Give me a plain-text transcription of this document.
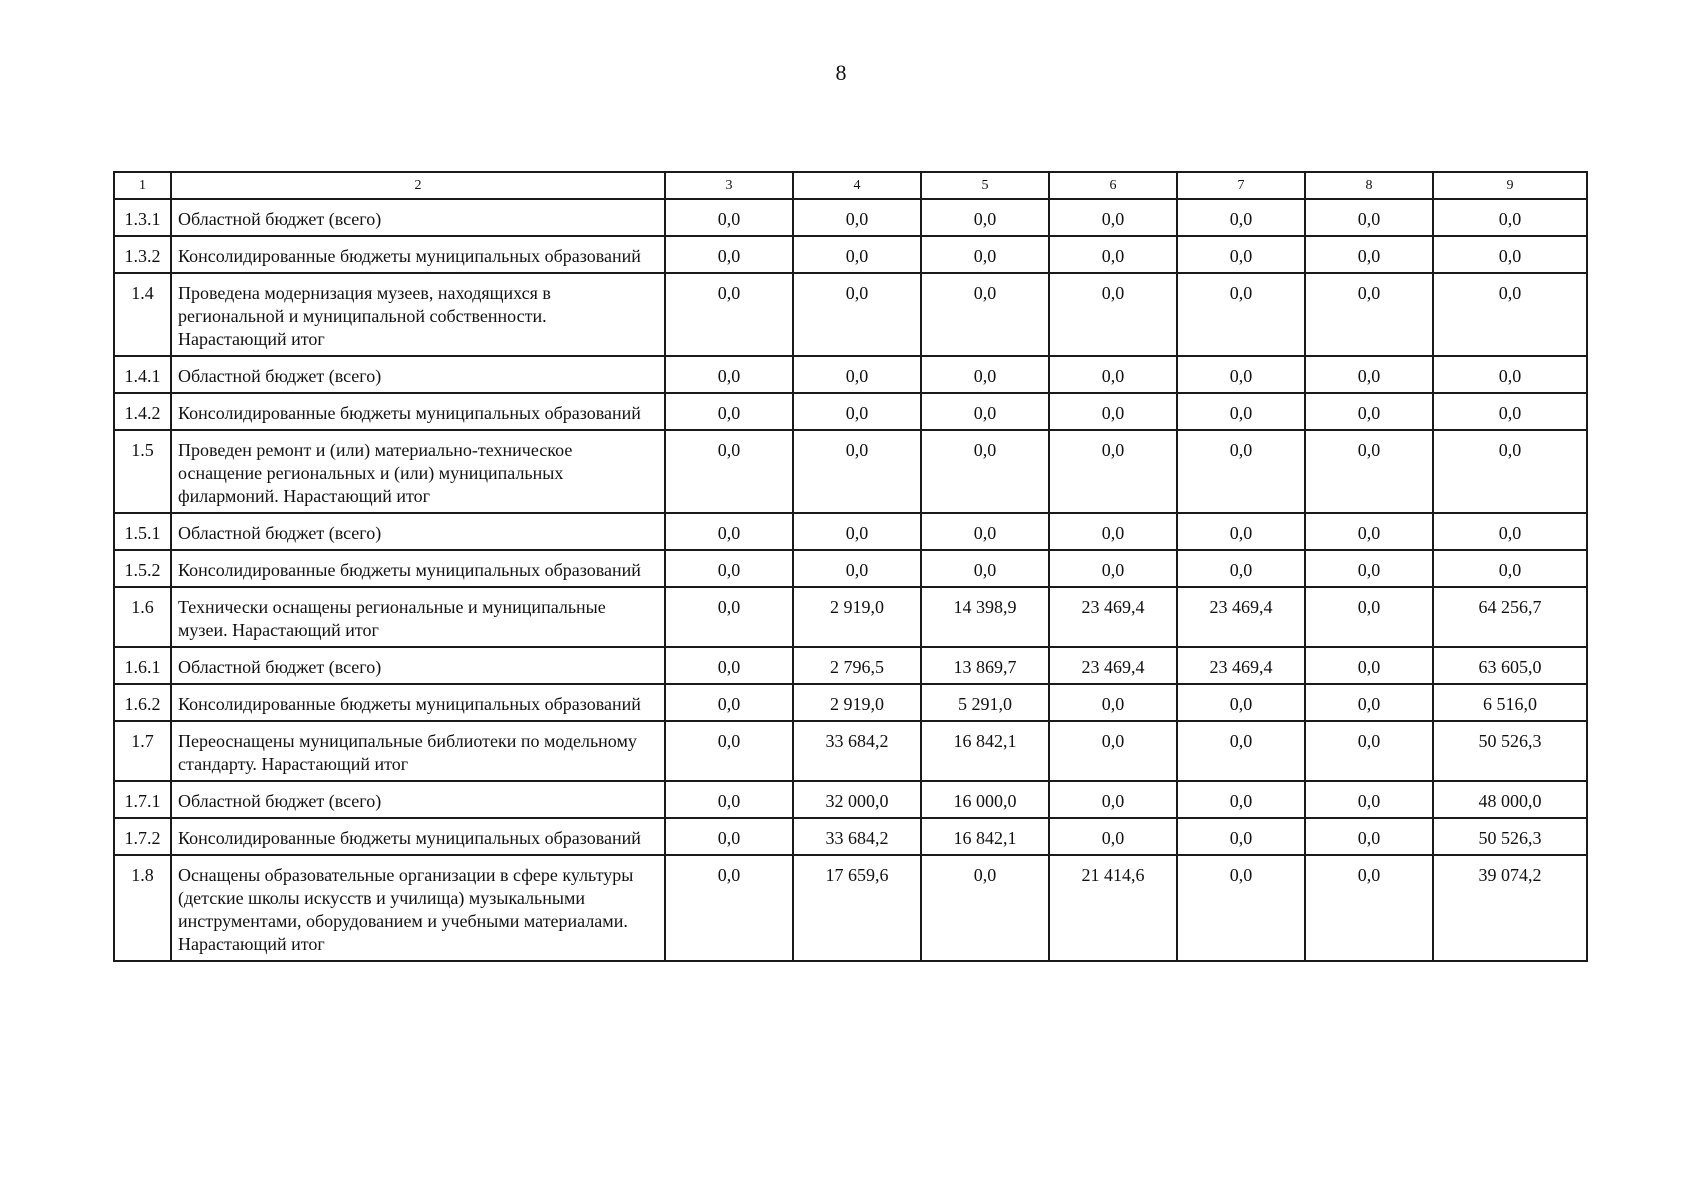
8
1	2	3	4	5	6	7	8	9
1.3.1	Областной бюджет (всего)	0,0	0,0	0,0	0,0	0,0	0,0	0,0
1.3.2	Консолидированные бюджеты муниципальных образований	0,0	0,0	0,0	0,0	0,0	0,0	0,0
1.4	Проведена модернизация музеев, находящихся в региональной и муниципальной собственности. Нарастающий итог	0,0	0,0	0,0	0,0	0,0	0,0	0,0
1.4.1	Областной бюджет (всего)	0,0	0,0	0,0	0,0	0,0	0,0	0,0
1.4.2	Консолидированные бюджеты муниципальных образований	0,0	0,0	0,0	0,0	0,0	0,0	0,0
1.5	Проведен ремонт и (или) материально-техническое оснащение региональных и (или) муниципальных филармоний. Нарастающий итог	0,0	0,0	0,0	0,0	0,0	0,0	0,0
1.5.1	Областной бюджет (всего)	0,0	0,0	0,0	0,0	0,0	0,0	0,0
1.5.2	Консолидированные бюджеты муниципальных образований	0,0	0,0	0,0	0,0	0,0	0,0	0,0
1.6	Технически оснащены региональные и муниципальные музеи. Нарастающий итог	0,0	2 919,0	14 398,9	23 469,4	23 469,4	0,0	64 256,7
1.6.1	Областной бюджет (всего)	0,0	2 796,5	13 869,7	23 469,4	23 469,4	0,0	63 605,0
1.6.2	Консолидированные бюджеты муниципальных образований	0,0	2 919,0	5 291,0	0,0	0,0	0,0	6 516,0
1.7	Переоснащены муниципальные библиотеки по модельному стандарту. Нарастающий итог	0,0	33 684,2	16 842,1	0,0	0,0	0,0	50 526,3
1.7.1	Областной бюджет (всего)	0,0	32 000,0	16 000,0	0,0	0,0	0,0	48 000,0
1.7.2	Консолидированные бюджеты муниципальных образований	0,0	33 684,2	16 842,1	0,0	0,0	0,0	50 526,3
1.8	Оснащены образовательные организации в сфере культуры (детские школы искусств и училища) музыкальными инструментами, оборудованием и учебными материалами. Нарастающий итог	0,0	17 659,6	0,0	21 414,6	0,0	0,0	39 074,2
